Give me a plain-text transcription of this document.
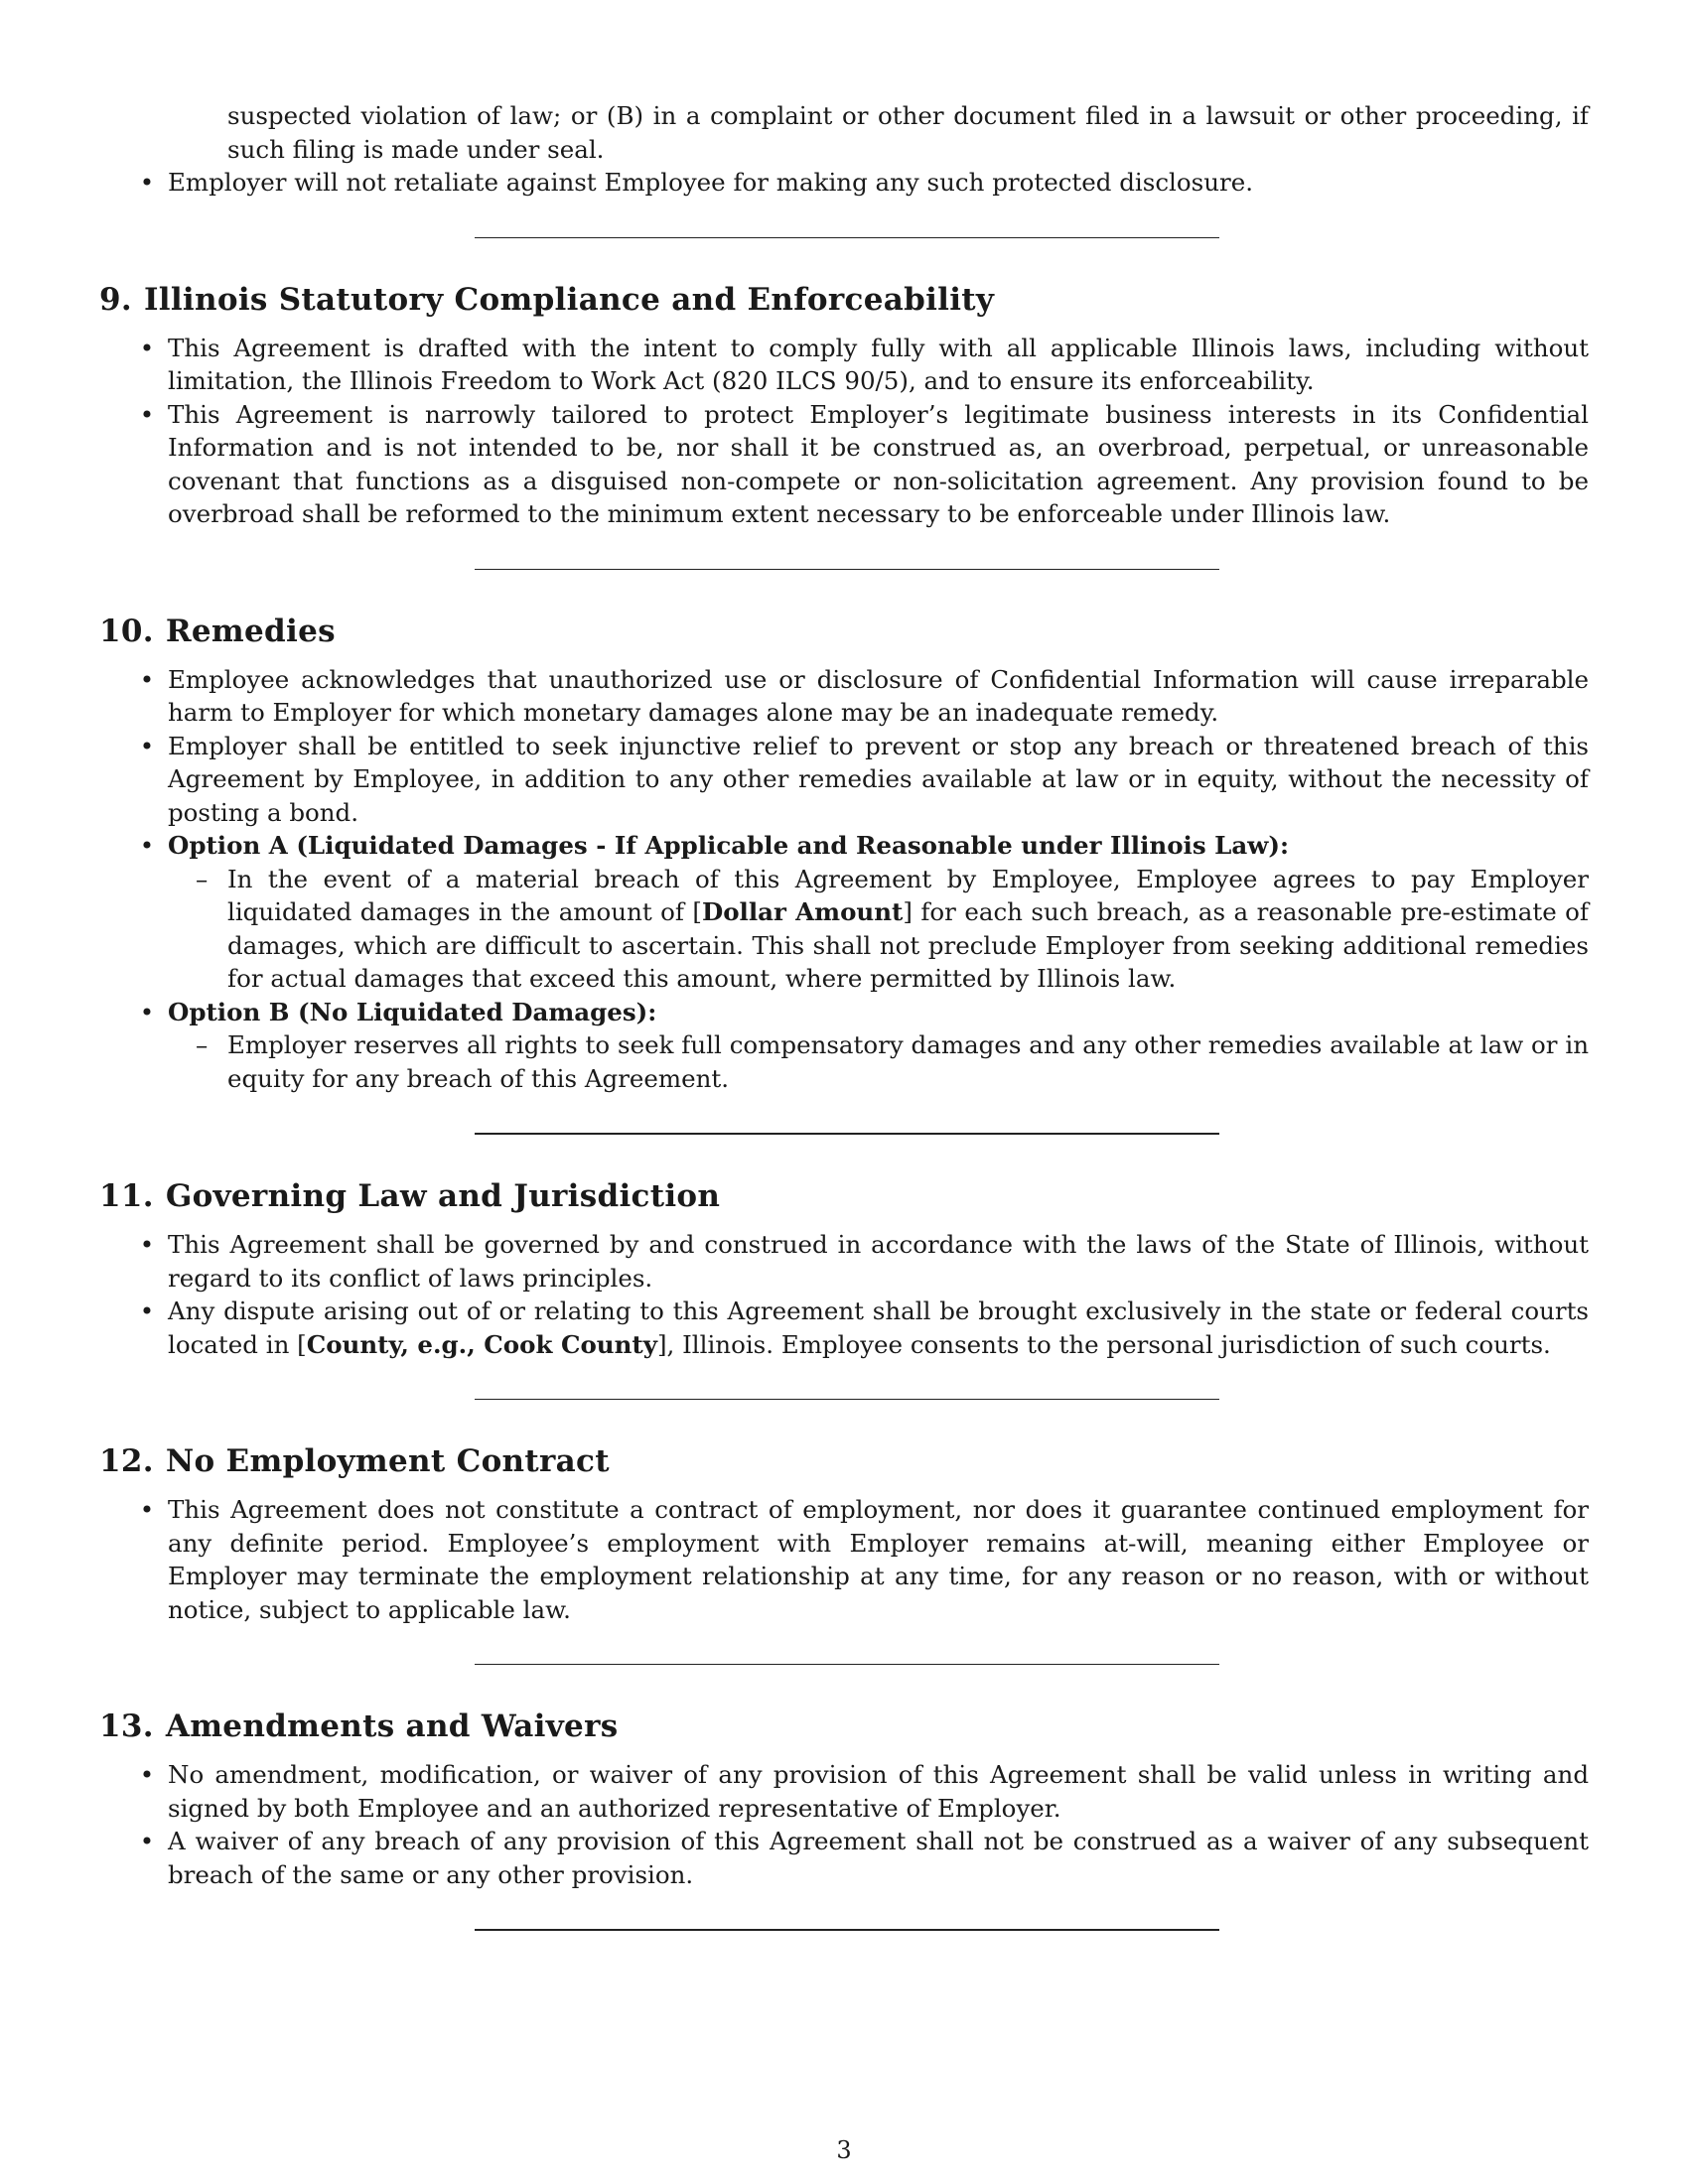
suspected violation of law; or (B) in a complaint or other document filed in a lawsuit or other proceeding, if such filing is made under seal.

• Employer will not retaliate against Employee for making any such protected disclosure.
9. Illinois Statutory Compliance and Enforceability
• This Agreement is drafted with the intent to comply fully with all applicable Illinois laws, including without limitation, the Illinois Freedom to Work Act (820 ILCS 90/5), and to ensure its enforceability.
• This Agreement is narrowly tailored to protect Employer’s legitimate business interests in its Confidential Information and is not intended to be, nor shall it be construed as, an overbroad, perpetual, or unreasonable covenant that functions as a disguised non-compete or non-solicitation agreement. Any provision found to be overbroad shall be reformed to the minimum extent necessary to be enforceable under Illinois law.
10. Remedies
• Employee acknowledges that unauthorized use or disclosure of Confidential Information will cause irreparable harm to Employer for which monetary damages alone may be an inadequate remedy.
• Employer shall be entitled to seek injunctive relief to prevent or stop any breach or threatened breach of this Agreement by Employee, in addition to any other remedies available at law or in equity, without the necessity of posting a bond.
• Option A (Liquidated Damages - If Applicable and Reasonable under Illinois Law):
– In the event of a material breach of this Agreement by Employee, Employee agrees to pay Employer liquidated damages in the amount of [Dollar Amount] for each such breach, as a reasonable pre-estimate of damages, which are difficult to ascertain. This shall not preclude Employer from seeking additional remedies for actual damages that exceed this amount, where permitted by Illinois law.
• Option B (No Liquidated Damages):
– Employer reserves all rights to seek full compensatory damages and any other remedies available at law or in equity for any breach of this Agreement.
11. Governing Law and Jurisdiction
• This Agreement shall be governed by and construed in accordance with the laws of the State of Illinois, without regard to its conflict of laws principles.
• Any dispute arising out of or relating to this Agreement shall be brought exclusively in the state or federal courts located in [County, e.g., Cook County], Illinois. Employee consents to the personal jurisdiction of such courts.
12. No Employment Contract
• This Agreement does not constitute a contract of employment, nor does it guarantee continued employment for any definite period. Employee’s employment with Employer remains at-will, meaning either Employee or Employer may terminate the employment relationship at any time, for any reason or no reason, with or without notice, subject to applicable law.
13. Amendments and Waivers
• No amendment, modification, or waiver of any provision of this Agreement shall be valid unless in writing and signed by both Employee and an authorized representative of Employer.
• A waiver of any breach of any provision of this Agreement shall not be construed as a waiver of any subsequent breach of the same or any other provision.
3
